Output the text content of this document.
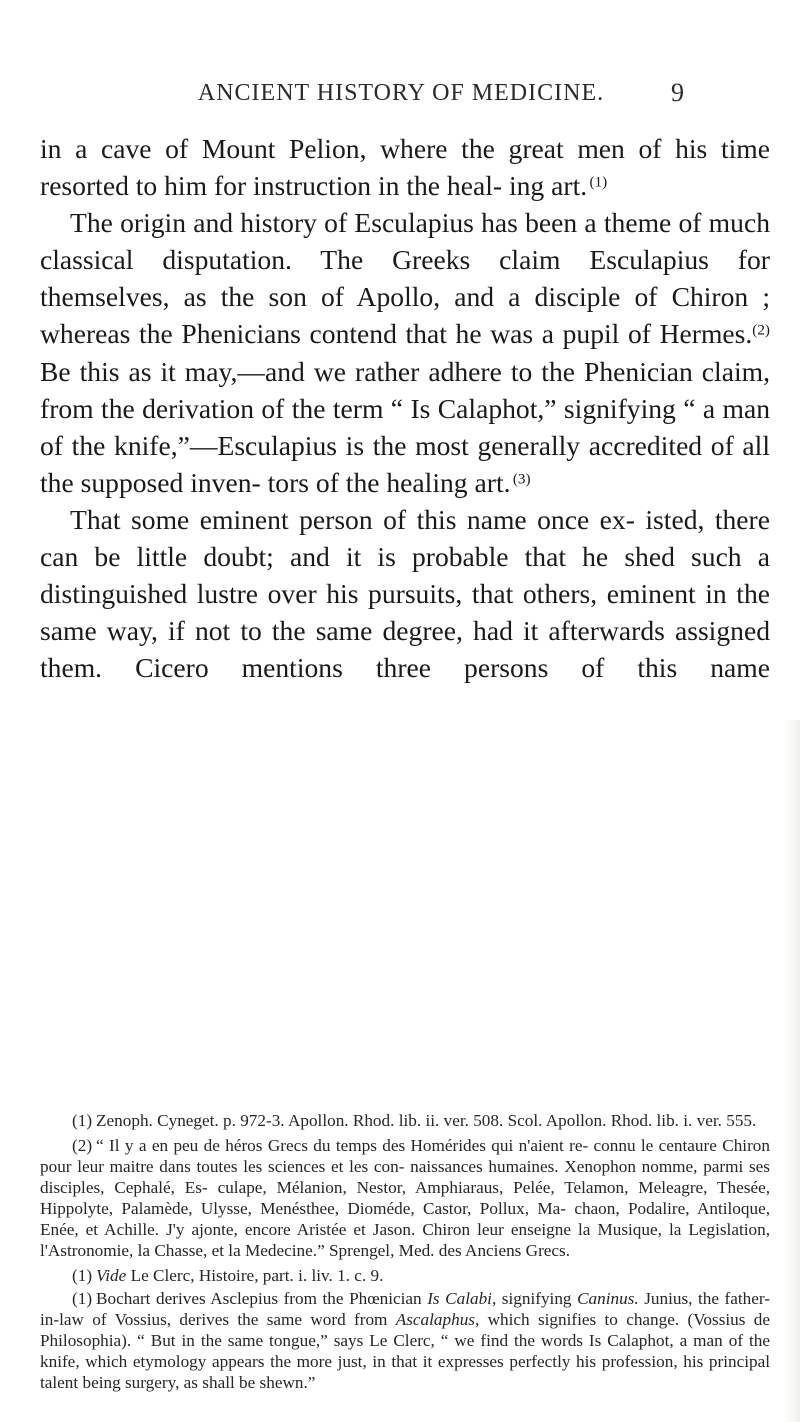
ANCIENT HISTORY OF MEDICINE.	9

in a cave of Mount Pelion, where the great men of his time resorted to him for instruction in the heal- ing art.  $^{(1)}$

The origin and history of Esculapius has been a theme of much classical disputation. The Greeks claim Esculapius for themselves, as the son of Apollo, and a disciple of Chiron ; whereas the Phenicians contend that he was a pupil of Hermes.$^{(2)}$ Be this as it may,—and we rather adhere to the Phenician claim, from the derivation of the term “ Is Calaphot,” signifying “ a man of the knife,”—Esculapius is the most generally accredited of all the supposed inven- tors of the healing art.  $^{(3)}$

That some eminent person of this name once ex- isted, there can be little doubt; and it is probable that he shed such a distinguished lustre over his pursuits, that others, eminent in the same way, if not to the same degree, had it afterwards assigned them. Cicero mentions three persons of this name

(1) Zenoph. Cyneget. p. 972-3. Apollon. Rhod. lib. ii. ver. 508. Scol. Apollon. Rhod. lib. i. ver. 555.

(2) “ Il y a en peu de héros Grecs du temps des Homérides qui n'aient re- connu le centaure Chiron pour leur maitre dans toutes les sciences et les con- naissances humaines. Xenophon nomme, parmi ses disciples, Cephalé, Es- culape, Mélanion, Nestor, Amphiaraus, Pelée, Telamon, Meleagre, Thesée, Hippolyte, Palamède, Ulysse, Menésthee, Dioméde, Castor, Pollux, Ma- chaon, Podalire, Antiloque, Enée, et Achille. J'y ajonte, encore Aristée et Jason. Chiron leur enseigne la Musique, la Legislation, l'Astronomie, la Chasse, et la Medecine.” Sprengel, Med. des Anciens Grecs.

(1) Vide Le Clerc, Histoire, part. i. liv. 1. c. 9.

(1) Bochart derives Asclepius from the Phœnician Is Calabi, signifying Caninus. Junius, the father-in-law of Vossius, derives the same word from Ascalaphus, which signifies to change. (Vossius de Philosophia). “ But in the same tongue,” says Le Clerc, “ we find the words Is Calaphot, a man of the knife, which etymology appears the more just, in that it expresses perfectly his profession, his principal talent being surgery, as shall be shewn.”
